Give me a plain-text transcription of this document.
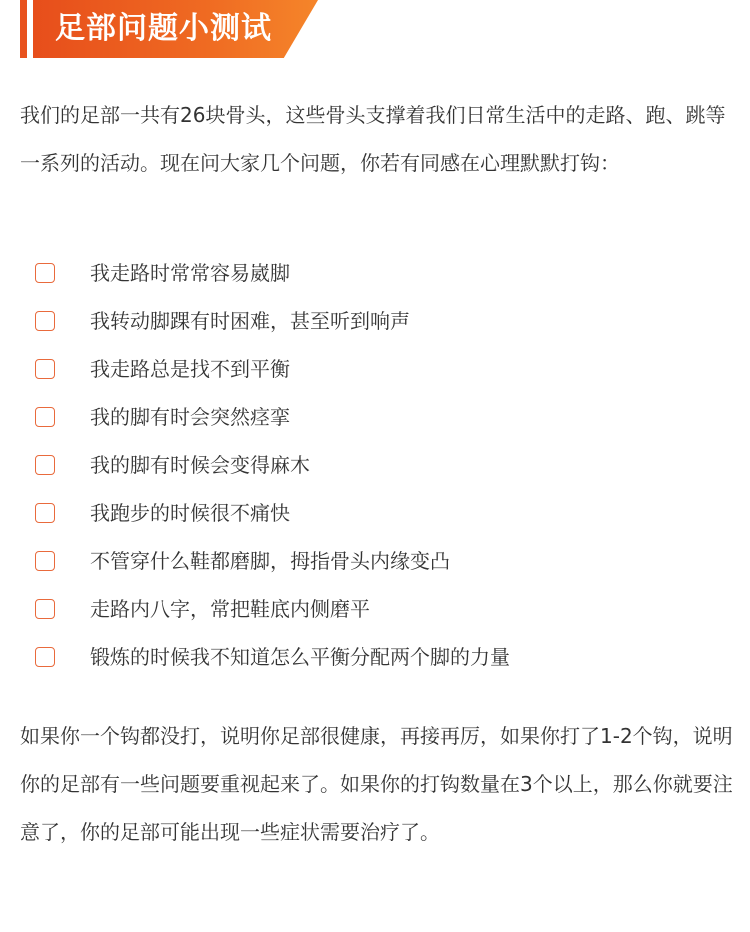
足部问题小测试

我们的足部一共有26块骨头，这些骨头支撑着我们日常生活中的走路、跑、跳等一系列的活动。现在问大家几个问题，你若有同感在心理默默打钩：

我走路时常常容易崴脚
我转动脚踝有时困难，甚至听到响声
我走路总是找不到平衡
我的脚有时会突然痉挛
我的脚有时候会变得麻木
我跑步的时候很不痛快
不管穿什么鞋都磨脚，拇指骨头内缘变凸
走路内八字，常把鞋底内侧磨平
锻炼的时候我不知道怎么平衡分配两个脚的力量

如果你一个钩都没打，说明你足部很健康，再接再厉，如果你打了1-2个钩，说明你的足部有一些问题要重视起来了。如果你的打钩数量在3个以上，那么你就要注意了，你的足部可能出现一些症状需要治疗了。
